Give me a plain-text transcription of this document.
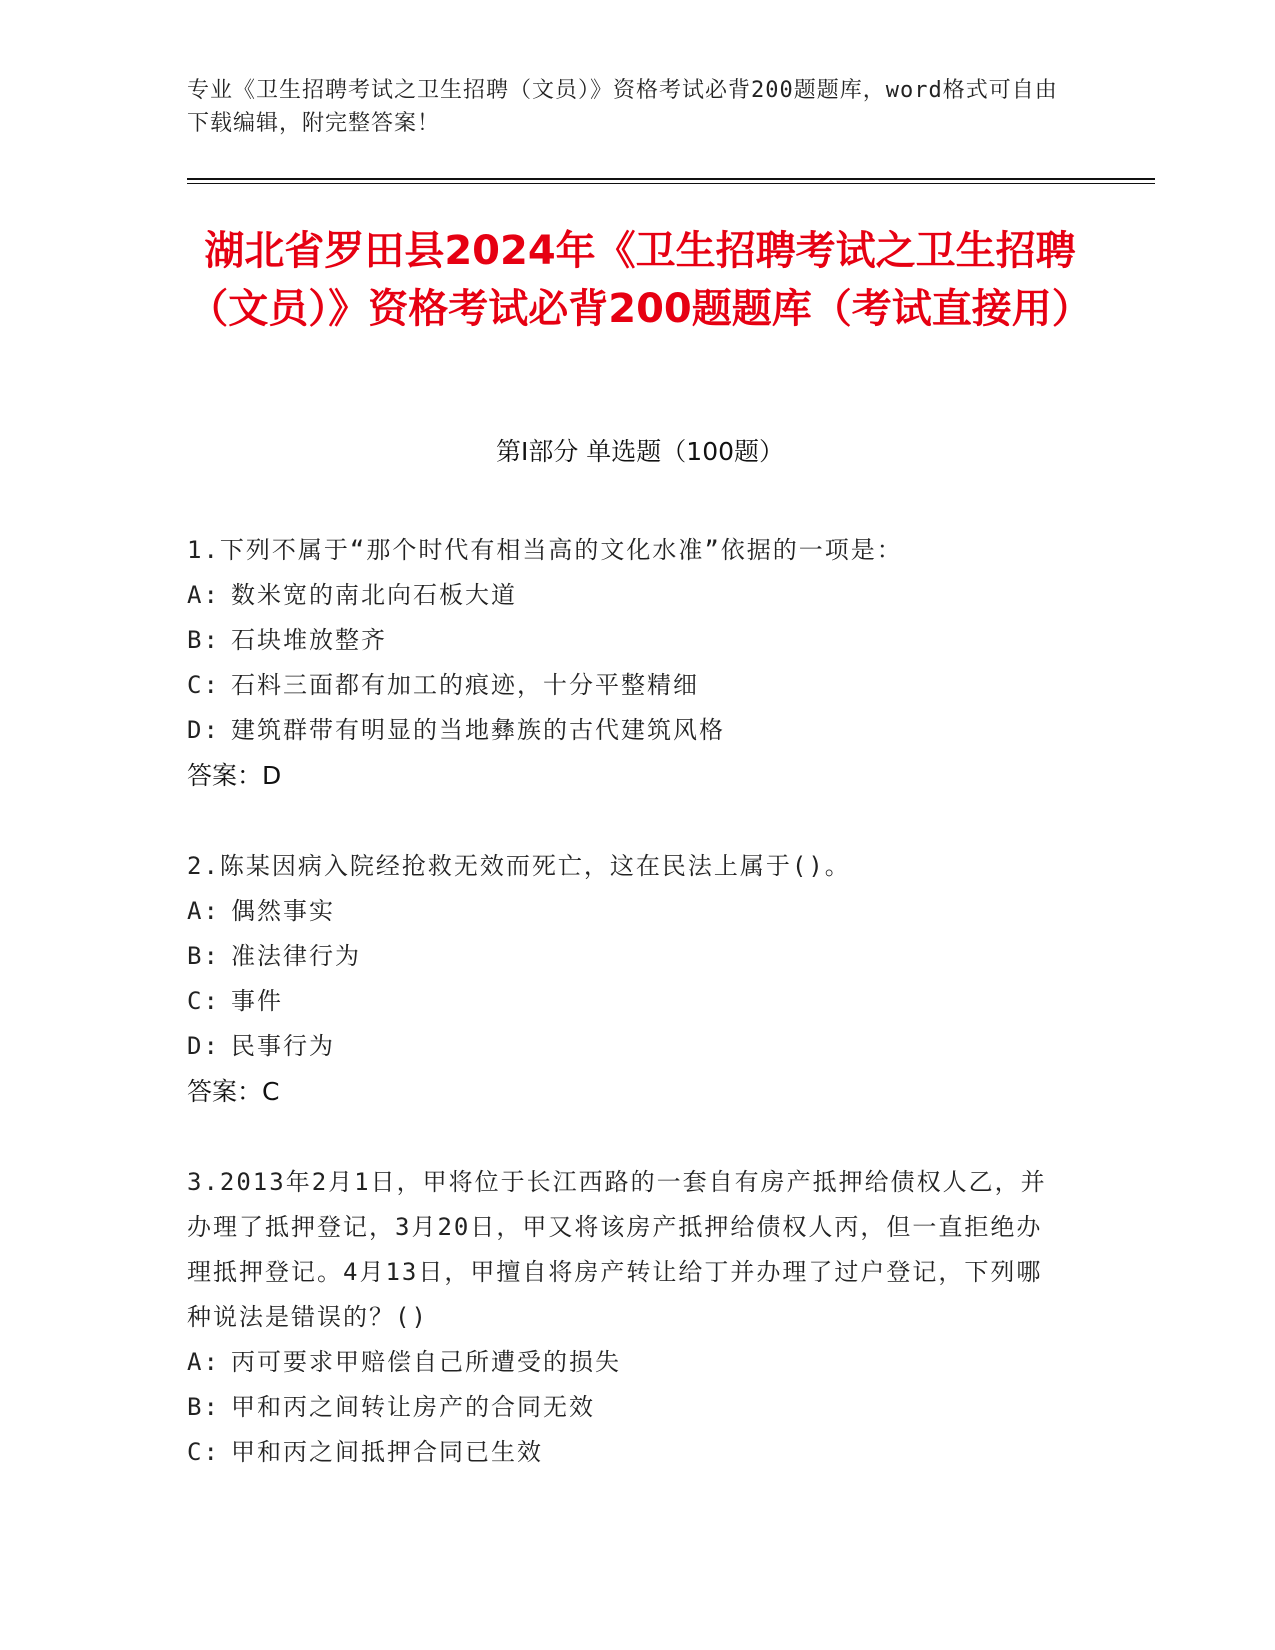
专业《卫生招聘考试之卫生招聘（文员）》资格考试必背200题题库，word格式可自由下载编辑，附完整答案！
湖北省罗田县2024年《卫生招聘考试之卫生招聘（文员）》资格考试必背200题题库（考试直接用）
第Ⅰ部分 单选题（100题）
1.下列不属于“那个时代有相当高的文化水准”依据的一项是：
A: 数米宽的南北向石板大道
B: 石块堆放整齐
C: 石料三面都有加工的痕迹，十分平整精细
D: 建筑群带有明显的当地彝族的古代建筑风格
答案：D
2.陈某因病入院经抢救无效而死亡，这在民法上属于()。
A: 偶然事实
B: 准法律行为
C: 事件
D: 民事行为
答案：C
3.2013年2月1日，甲将位于长江西路的一套自有房产抵押给债权人乙，并办理了抵押登记，3月20日，甲又将该房产抵押给债权人丙，但一直拒绝办理抵押登记。4月13日，甲擅自将房产转让给丁并办理了过户登记，下列哪种说法是错误的？()
A: 丙可要求甲赔偿自己所遭受的损失
B: 甲和丙之间转让房产的合同无效
C: 甲和丙之间抵押合同已生效
